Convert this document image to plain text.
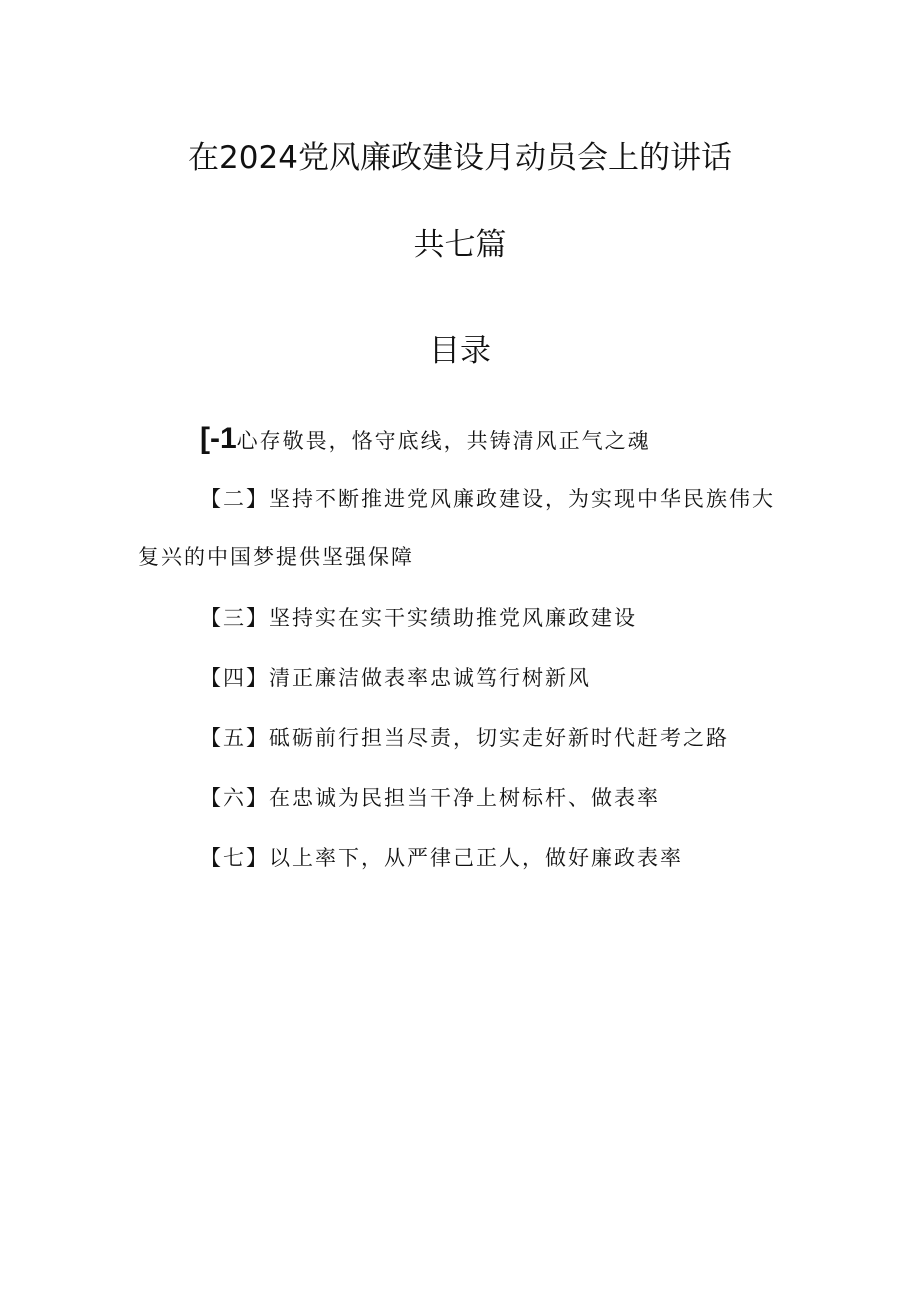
在2024党风廉政建设月动员会上的讲话
共七篇
目录
[-1心存敬畏，恪守底线，共铸清风正气之魂
【二】坚持不断推进党风廉政建设，为实现中华民族伟大复兴的中国梦提供坚强保障
【三】坚持实在实干实绩助推党风廉政建设
【四】清正廉洁做表率忠诚笃行树新风
【五】砥砺前行担当尽责，切实走好新时代赶考之路
【六】在忠诚为民担当干净上树标杆、做表率
【七】以上率下，从严律己正人，做好廉政表率
